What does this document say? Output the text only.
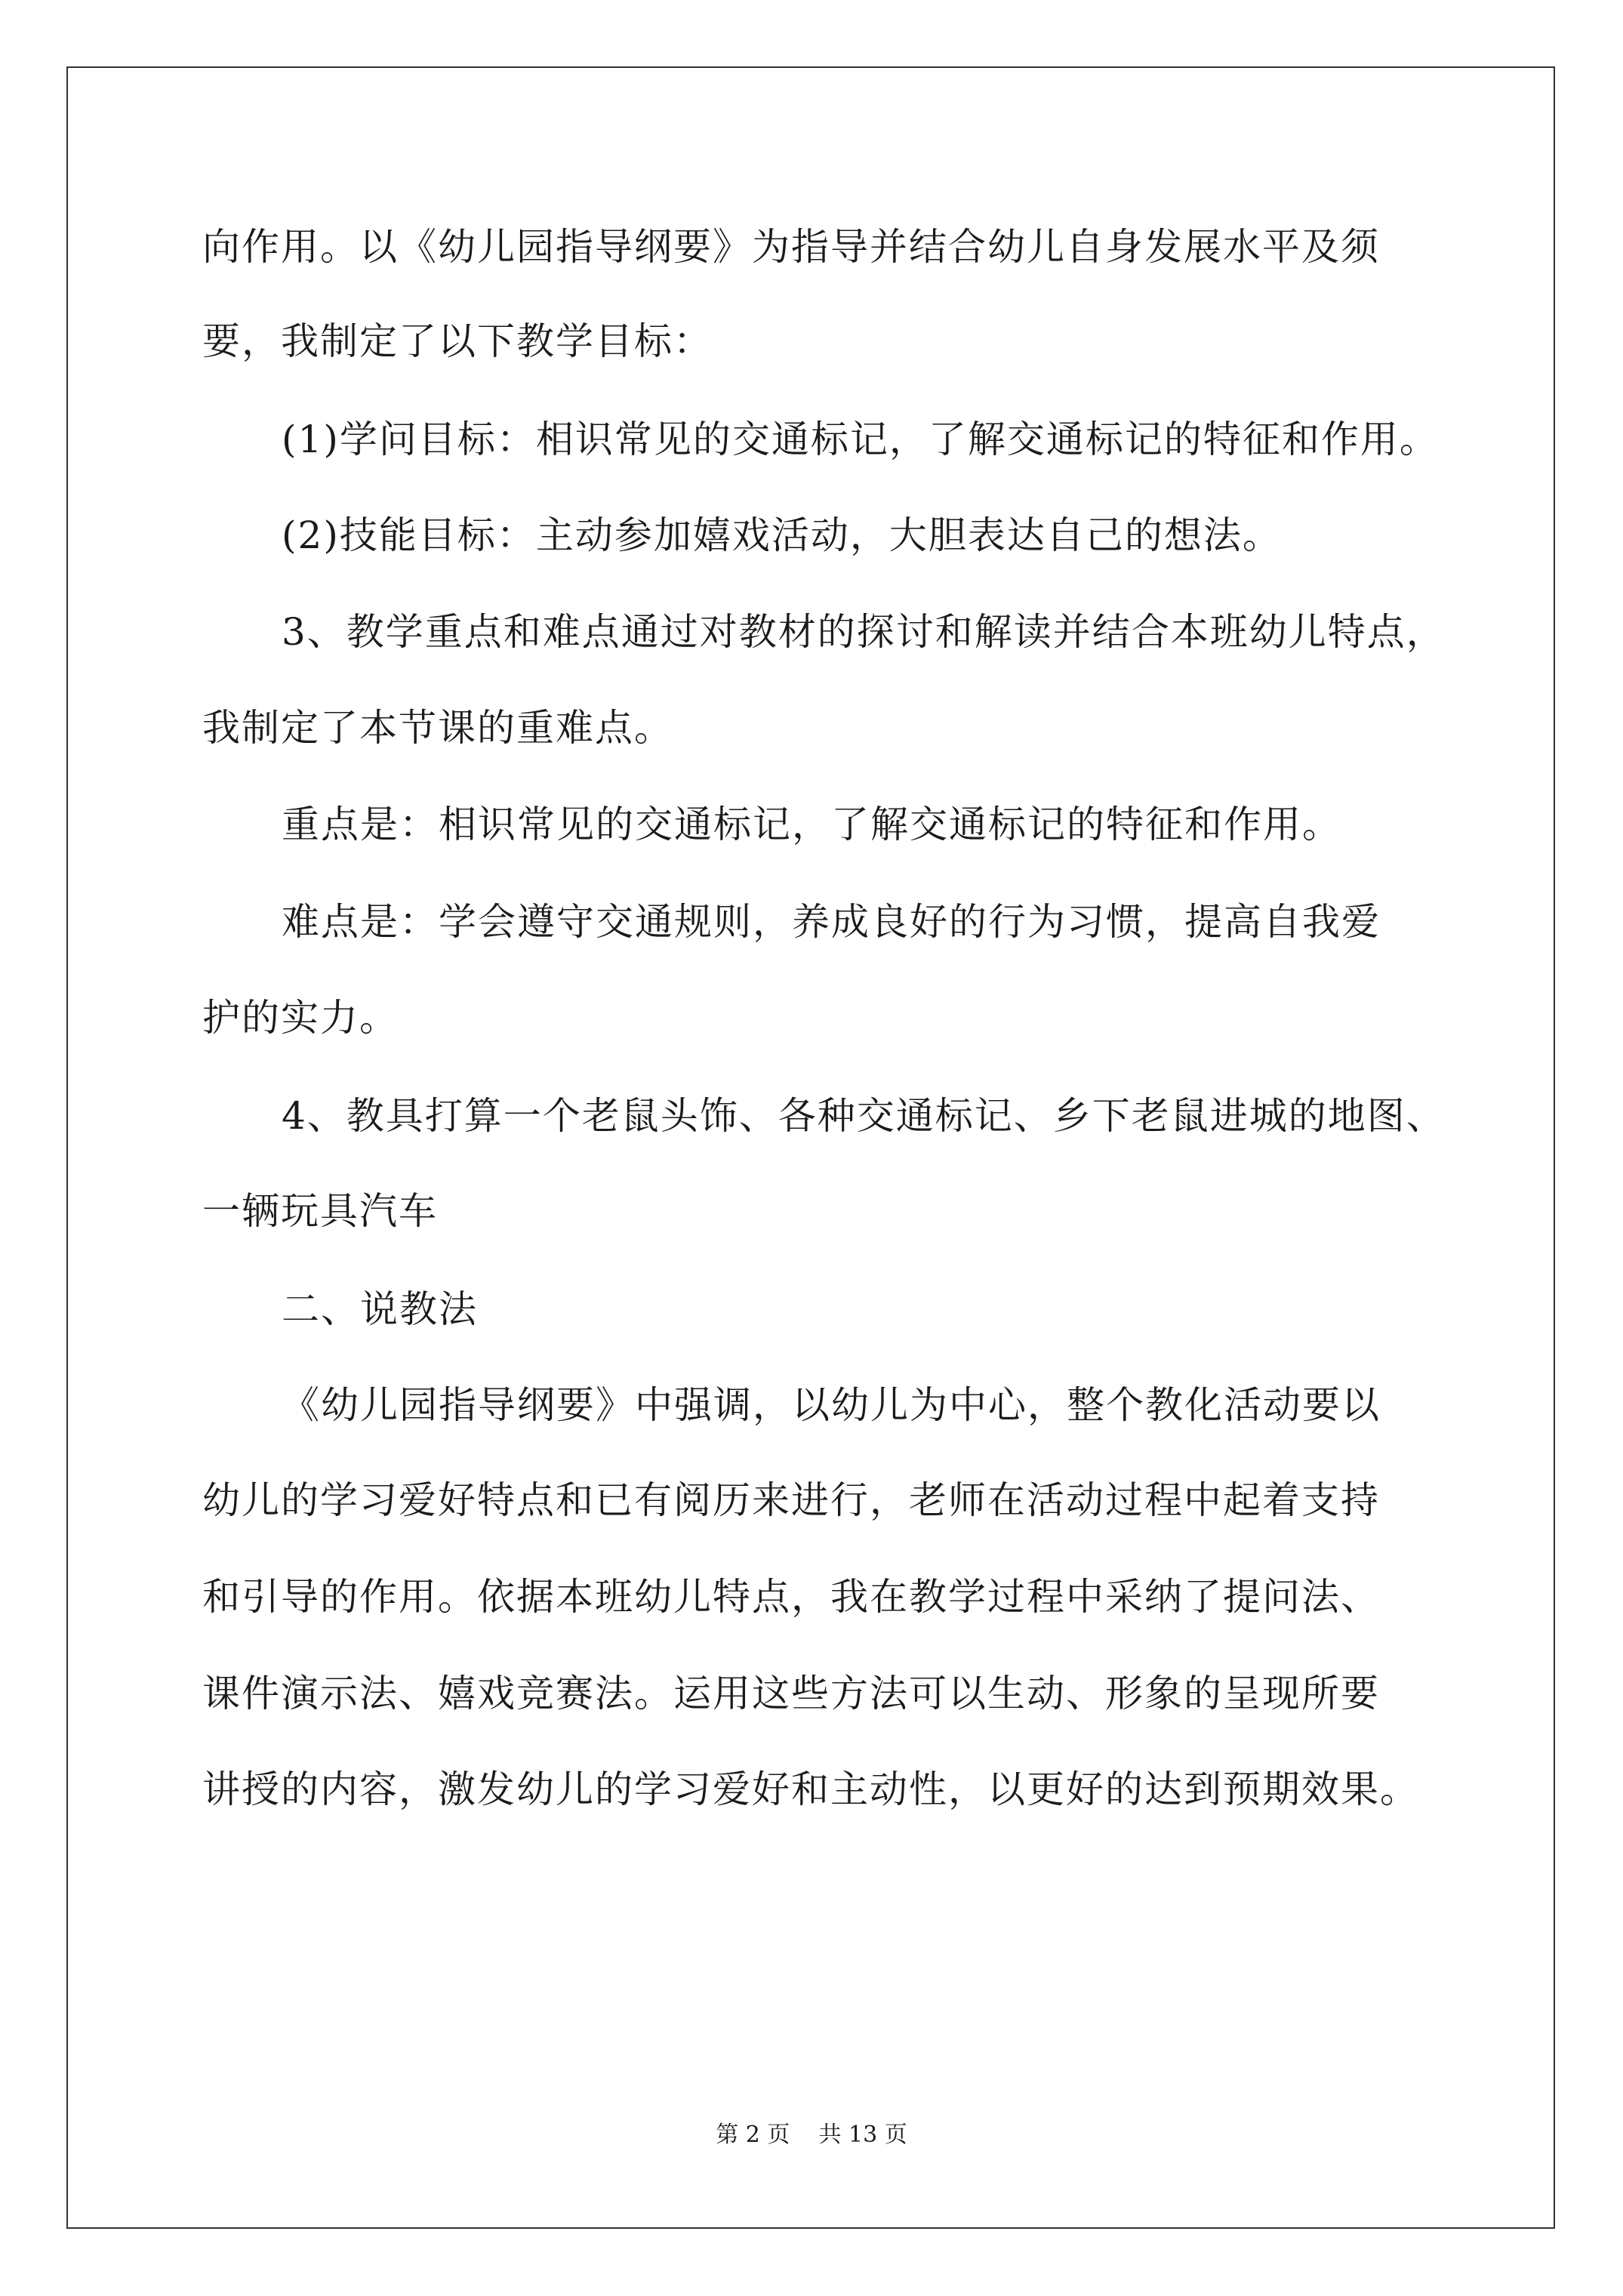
向作用。以《幼儿园指导纲要》为指导并结合幼儿自身发展水平及须
要，我制定了以下教学目标：
(1)学问目标：相识常见的交通标记，了解交通标记的特征和作用。
(2)技能目标：主动参加嬉戏活动，大胆表达自己的想法。
3、教学重点和难点通过对教材的探讨和解读并结合本班幼儿特点，
我制定了本节课的重难点。
重点是：相识常见的交通标记，了解交通标记的特征和作用。
难点是：学会遵守交通规则，养成良好的行为习惯，提高自我爱
护的实力。
4、教具打算一个老鼠头饰、各种交通标记、乡下老鼠进城的地图、
一辆玩具汽车
二、说教法
《幼儿园指导纲要》中强调，以幼儿为中心，整个教化活动要以
幼儿的学习爱好特点和已有阅历来进行，老师在活动过程中起着支持
和引导的作用。依据本班幼儿特点，我在教学过程中采纳了提问法、
课件演示法、嬉戏竞赛法。运用这些方法可以生动、形象的呈现所要
讲授的内容，激发幼儿的学习爱好和主动性，以更好的达到预期效果。
第 2 页    共 13 页
